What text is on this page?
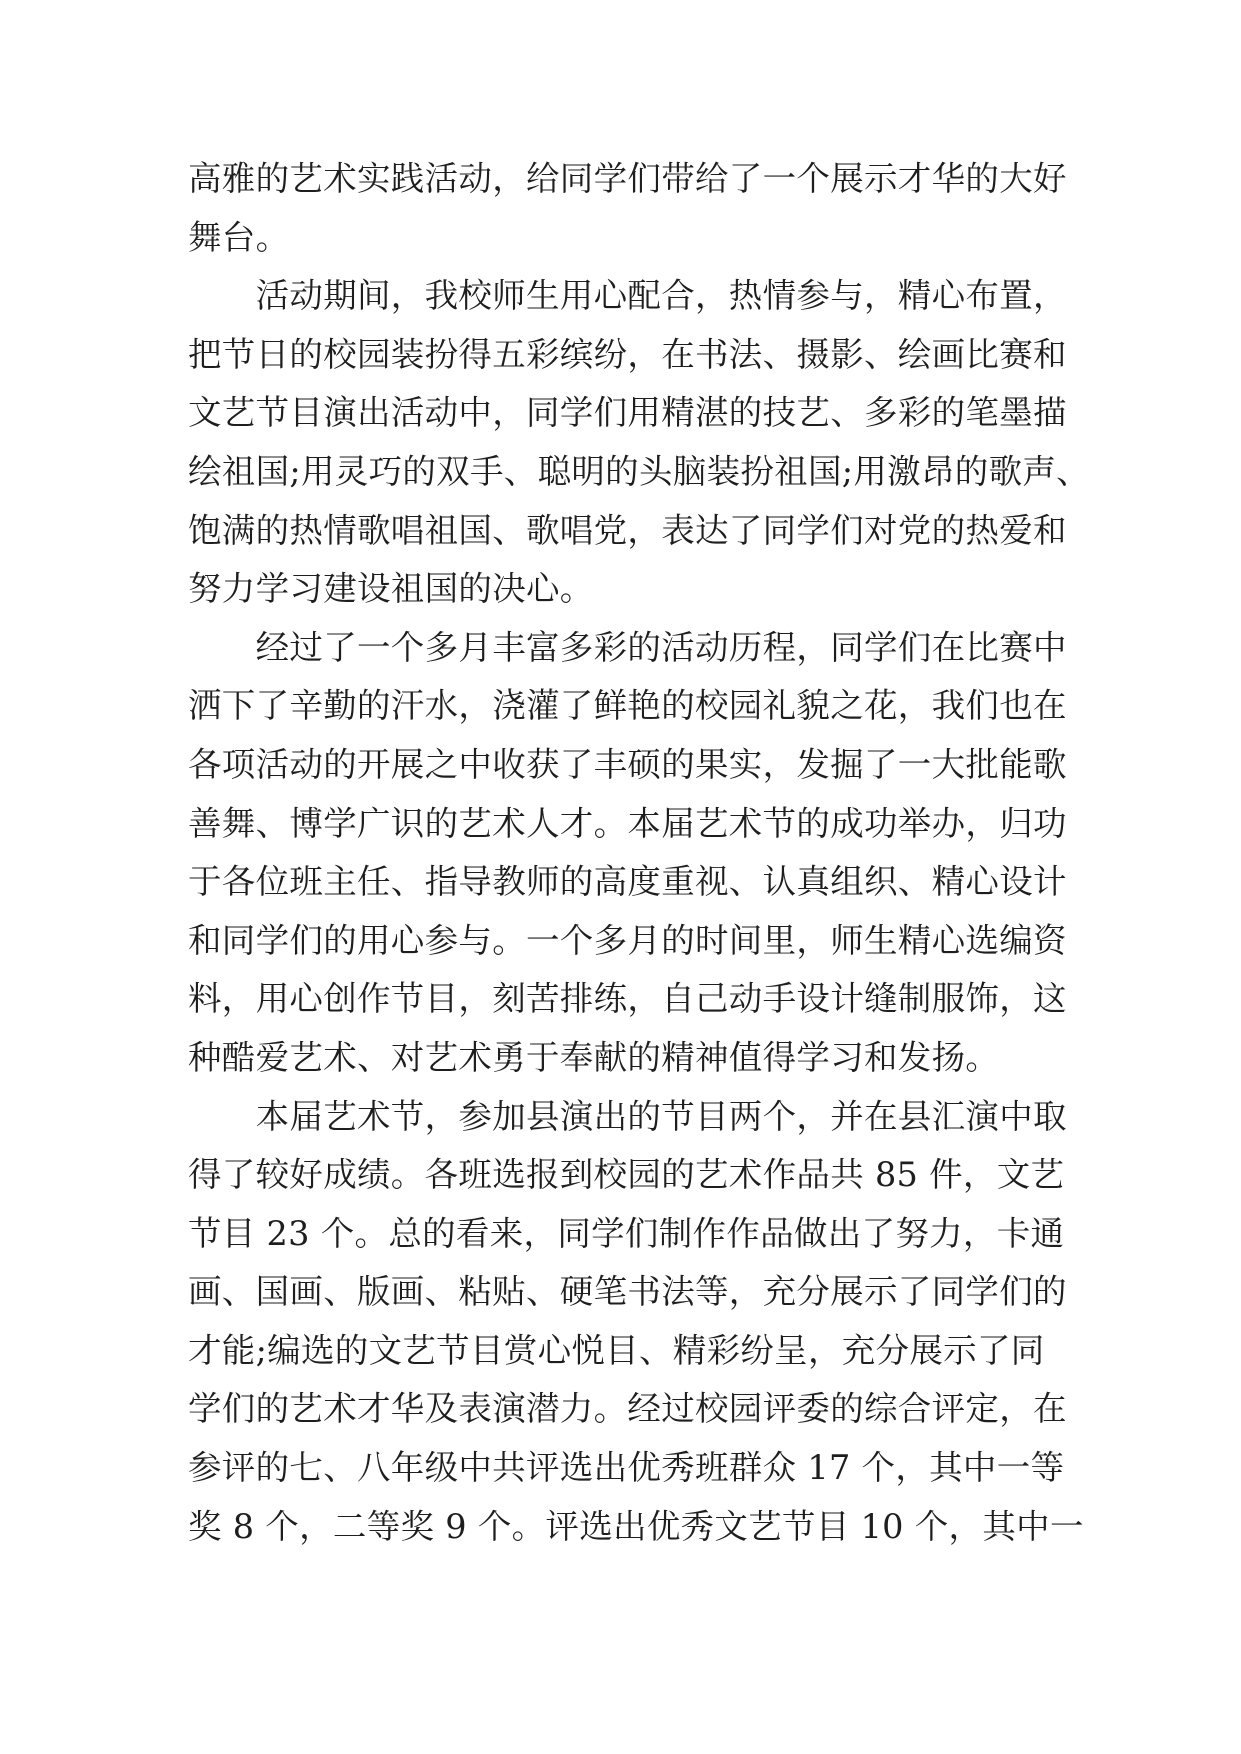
高雅的艺术实践活动，给同学们带给了一个展示才华的大好
舞台。
　　活动期间，我校师生用心配合，热情参与，精心布置，
把节日的校园装扮得五彩缤纷，在书法、摄影、绘画比赛和
文艺节目演出活动中，同学们用精湛的技艺、多彩的笔墨描
绘祖国;用灵巧的双手、聪明的头脑装扮祖国;用激昂的歌声、
饱满的热情歌唱祖国、歌唱党，表达了同学们对党的热爱和
努力学习建设祖国的决心。
　　经过了一个多月丰富多彩的活动历程，同学们在比赛中
洒下了辛勤的汗水，浇灌了鲜艳的校园礼貌之花，我们也在
各项活动的开展之中收获了丰硕的果实，发掘了一大批能歌
善舞、博学广识的艺术人才。本届艺术节的成功举办，归功
于各位班主任、指导教师的高度重视、认真组织、精心设计
和同学们的用心参与。一个多月的时间里，师生精心选编资
料，用心创作节目，刻苦排练，自己动手设计缝制服饰，这
种酷爱艺术、对艺术勇于奉献的精神值得学习和发扬。
　　本届艺术节，参加县演出的节目两个，并在县汇演中取
得了较好成绩。各班选报到校园的艺术作品共 85 件，文艺
节目 23 个。总的看来，同学们制作作品做出了努力，卡通
画、国画、版画、粘贴、硬笔书法等，充分展示了同学们的
才能;编选的文艺节目赏心悦目、精彩纷呈，充分展示了同
学们的艺术才华及表演潜力。经过校园评委的综合评定，在
参评的七、八年级中共评选出优秀班群众 17 个，其中一等
奖 8 个，二等奖 9 个。评选出优秀文艺节目 10 个，其中一
